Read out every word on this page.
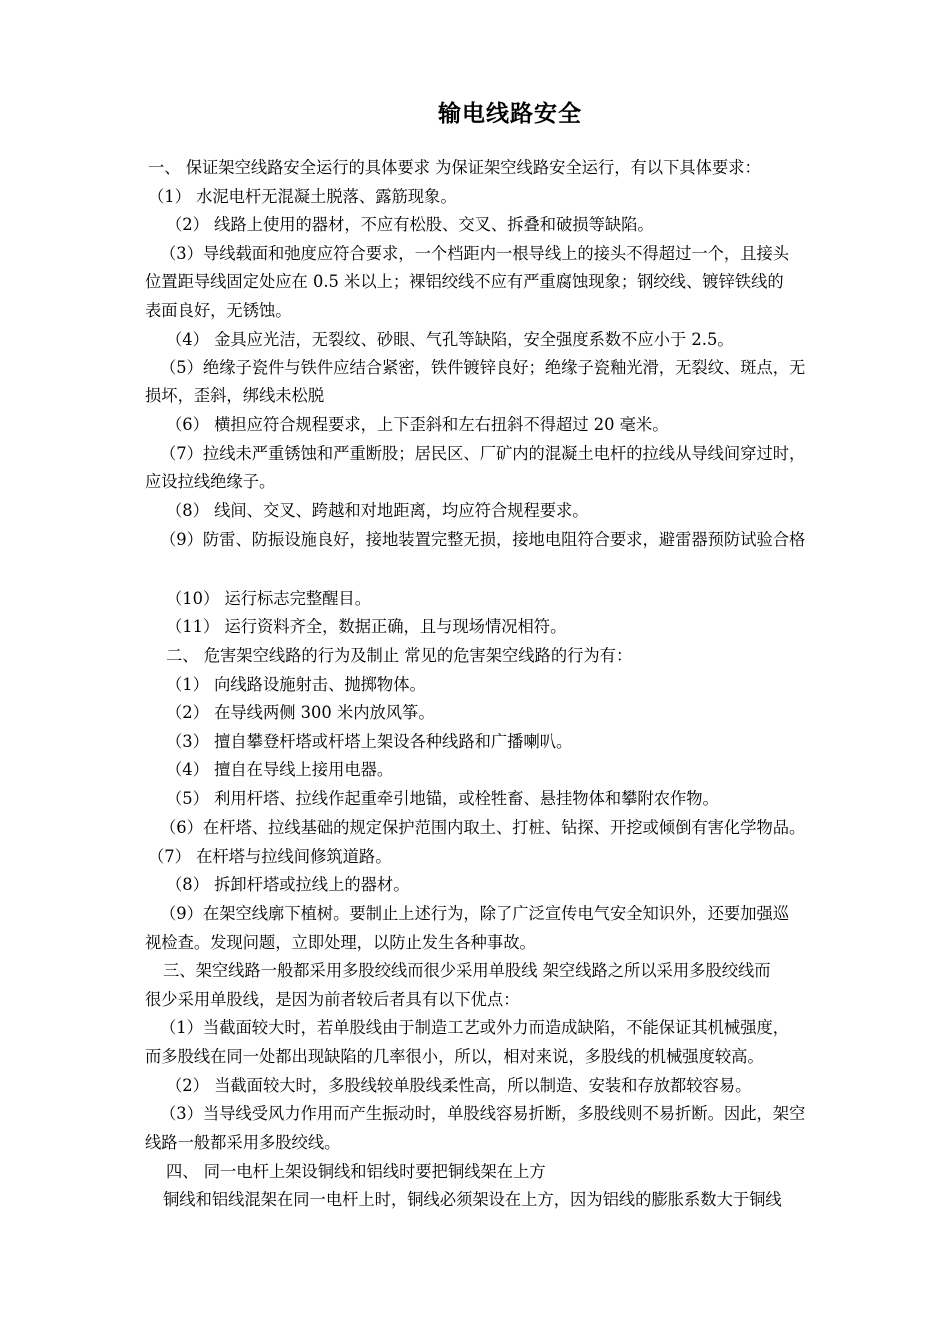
输电线路安全
一、 保证架空线路安全运行的具体要求 为保证架空线路安全运行，有以下具体要求：
（1） 水泥电杆无混凝土脱落、露筋现象。
（2） 线路上使用的器材，不应有松股、交叉、拆叠和破损等缺陷。
（3）导线载面和弛度应符合要求，一个档距内一根导线上的接头不得超过一个，且接头
位置距导线固定处应在 0.5 米以上；裸铝绞线不应有严重腐蚀现象；钢绞线、镀锌铁线的
表面良好，无锈蚀。
（4） 金具应光洁，无裂纹、砂眼、气孔等缺陷，安全强度系数不应小于 2.5。
（5）绝缘子瓷件与铁件应结合紧密，铁件镀锌良好；绝缘子瓷釉光滑，无裂纹、斑点，无
损坏，歪斜，绑线未松脱
（6） 横担应符合规程要求，上下歪斜和左右扭斜不得超过 20 毫米。
（7）拉线未严重锈蚀和严重断股；居民区、厂矿内的混凝土电杆的拉线从导线间穿过时，
应设拉线绝缘子。
（8） 线间、交叉、跨越和对地距离，均应符合规程要求。
（9）防雷、防振设施良好，接地装置完整无损，接地电阻符合要求，避雷器预防试验合格
（10） 运行标志完整醒目。
（11） 运行资料齐全，数据正确，且与现场情况相符。
二、 危害架空线路的行为及制止 常见的危害架空线路的行为有：
（1） 向线路设施射击、抛掷物体。
（2） 在导线两侧 300 米内放风筝。
（3） 擅自攀登杆塔或杆塔上架设各种线路和广播喇叭。
（4） 擅自在导线上接用电器。
（5） 利用杆塔、拉线作起重牵引地锚，或栓牲畜、悬挂物体和攀附农作物。
（6）在杆塔、拉线基础的规定保护范围内取土、打桩、钻探、开挖或倾倒有害化学物品。
（7） 在杆塔与拉线间修筑道路。
（8） 拆卸杆塔或拉线上的器材。
（9）在架空线廓下植树。要制止上述行为，除了广泛宣传电气安全知识外，还要加强巡
视检查。发现问题，立即处理，以防止发生各种事故。
三、架空线路一般都采用多股绞线而很少采用单股线 架空线路之所以采用多股绞线而
很少采用单股线，是因为前者较后者具有以下优点：
（1）当截面较大时，若单股线由于制造工艺或外力而造成缺陷，不能保证其机械强度，
而多股线在同一处都出现缺陷的几率很小，所以，相对来说，多股线的机械强度较高。
（2） 当截面较大时，多股线较单股线柔性高，所以制造、安装和存放都较容易。
（3）当导线受风力作用而产生振动时，单股线容易折断，多股线则不易折断。因此，架空
线路一般都采用多股绞线。
四、 同一电杆上架设铜线和铝线时要把铜线架在上方
铜线和铝线混架在同一电杆上时，铜线必须架设在上方，因为铝线的膨胀系数大于铜线
